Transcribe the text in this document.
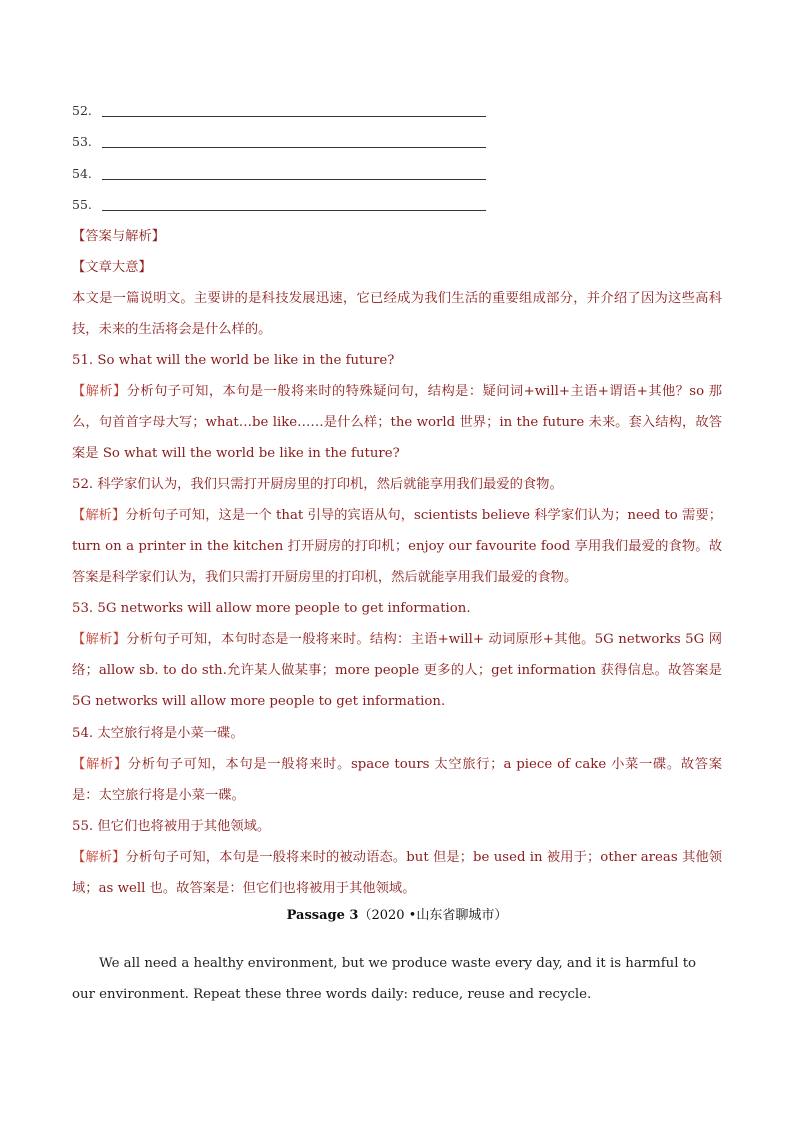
52.
53.
54.
55.

【答案与解析】

【文章大意】

本文是一篇说明文。主要讲的是科技发展迅速，它已经成为我们生活的重要组成部分，并介绍了因为这些高科技，未来的生活将会是什么样的。

51. So what will the world be like in the future?

【解析】分析句子可知，本句是一般将来时的特殊疑问句，结构是：疑问词+will+主语+谓语+其他？so 那么，句首首字母大写；what…be like……是什么样；the world 世界；in the future 未来。套入结构，故答案是 So what will the world be like in the future?

52. 科学家们认为，我们只需打开厨房里的打印机，然后就能享用我们最爱的食物。

【解析】分析句子可知，这是一个 that 引导的宾语从句，scientists believe 科学家们认为；need to 需要；turn on a printer in the kitchen 打开厨房的打印机；enjoy our favourite food 享用我们最爱的食物。故答案是科学家们认为，我们只需打开厨房里的打印机，然后就能享用我们最爱的食物。

53. 5G networks will allow more people to get information.

【解析】分析句子可知，本句时态是一般将来时。结构：主语+will+ 动词原形+其他。5G networks 5G 网络；allow sb. to do sth.允许某人做某事；more people 更多的人；get information 获得信息。故答案是 5G networks will allow more people to get information.

54. 太空旅行将是小菜一碟。

【解析】分析句子可知，本句是一般将来时。space tours 太空旅行；a piece of cake 小菜一碟。故答案是：太空旅行将是小菜一碟。

55. 但它们也将被用于其他领域。

【解析】分析句子可知，本句是一般将来时的被动语态。but 但是；be used in 被用于；other areas 其他领域；as well 也。故答案是：但它们也将被用于其他领域。

Passage 3（2020 •山东省聊城市）

We all need a healthy environment, but we produce waste every day, and it is harmful to our environment. Repeat these three words daily: reduce, reuse and recycle.
